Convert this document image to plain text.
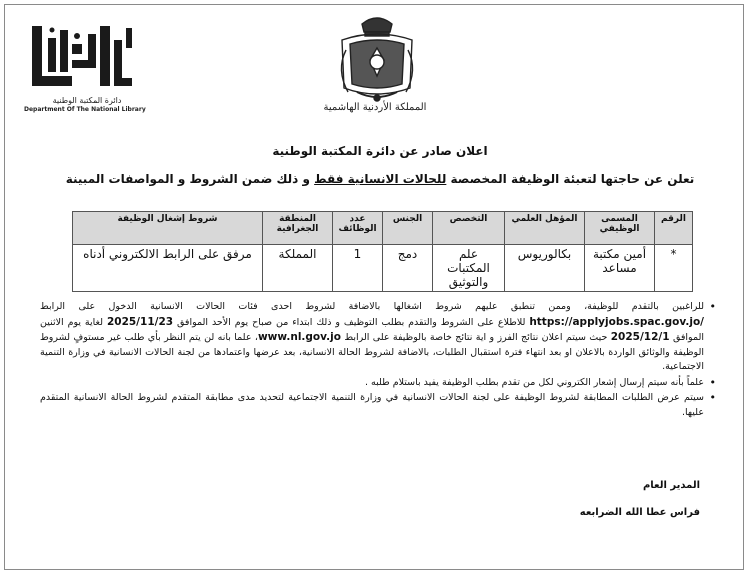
دائرة المكتبة الوطنية
Department Of The National Library	المملكة الأردنية الهاشمية
اعلان صادر عن دائرة المكتبة الوطنية
تعلن عن حاجتها لتعبئة الوظيفة المخصصة للحالات الانسانية فقط و ذلك ضمن الشروط و المواصفات المبينة
الرقم	المسمى الوظيفي	المؤهل العلمي	التخصص	الجنس	عدد الوظائف	المنطقة الجغرافية	شروط إشغال الوظيفة
*	أمين مكتبة مساعد	بكالوريوس	علم المكتبات والتوثيق	دمج	1	المملكة	مرفق على الرابط الالكتروني أدناه
• للراغبين بالتقدم للوظيفة، وممن تنطبق عليهم شروط اشغالها بالاضافة لشروط احدى فئات الحالات الانسانية الدخول على الرابط https://applyjobs.spac.gov.jo/ للاطلاع على الشروط والتقدم بطلب التوظيف و ذلك ابتداء من صباح يوم الأحد الموافق 2025/11/23 لغاية يوم الاثنين الموافق 2025/12/1 حيث سيتم اعلان نتائج الفرز و اية نتائج خاصة بالوظيفة على الرابط www.nl.gov.jo، علما بانه لن يتم النظر بأي طلب غير مستوفٍ لشروط الوظيفة والوثائق الواردة بالاعلان او بعد انتهاء فترة استقبال الطلبات، بالاضافة لشروط الحالة الانسانية، بعد عرضها واعتمادها من لجنة الحالات الانسانية في وزارة التنمية الاجتماعية.
• علماً بأنه سيتم إرسال إشعار الكتروني لكل من تقدم بطلب الوظيفة يفيد باستلام طلبه .
• سيتم عرض الطلبات المطابقة لشروط الوظيفة على لجنة الحالات الانسانية في وزارة التنمية الاجتماعية لتحديد مدى مطابقة المتقدم لشروط الحالة الانسانية المتقدم عليها.
المدير العام
فراس عطا الله الضرابعه
